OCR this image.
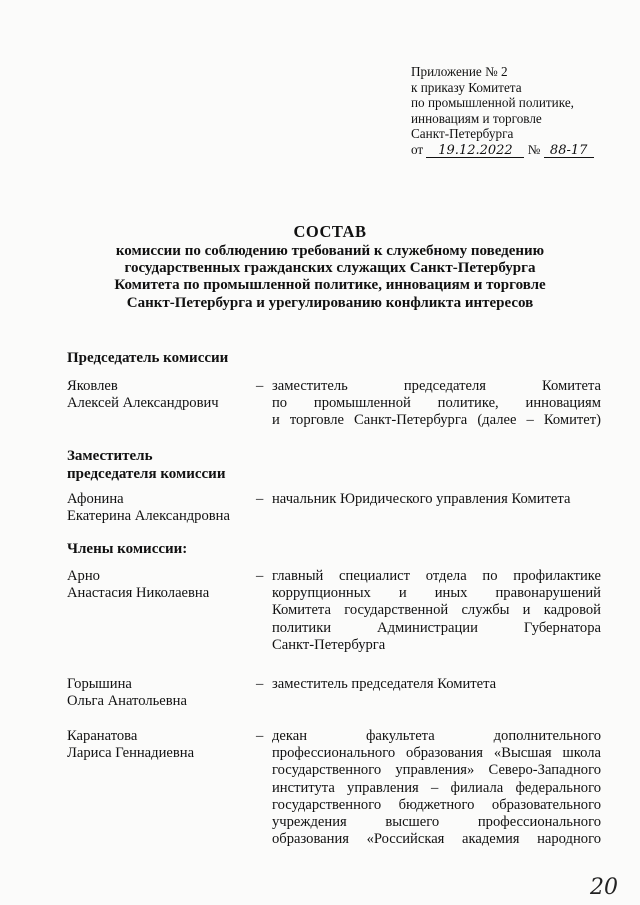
Приложение № 2
к приказу Комитета
по промышленной политике,
инновациям и торговле
Санкт-Петербурга
от 19.12.2022 № 88-17
СОСТАВ
комиссии по соблюдению требований к служебному поведению
государственных гражданских служащих Санкт-Петербурга
Комитета по промышленной политике, инновациям и торговле
Санкт-Петербурга и урегулированию конфликта интересов
Председатель комиссии
Яковлев
Алексей Александрович
– заместитель председателя Комитета
по промышленной политике, инновациям
и торговле Санкт-Петербурга (далее – Комитет)
Заместитель
председателя комиссии
Афонина
Екатерина Александровна
– начальник Юридического управления Комитета
Члены комиссии:
Арно
Анастасия Николаевна
– главный специалист отдела по профилактике
коррупционных и иных правонарушений
Комитета государственной службы и кадровой
политики Администрации Губернатора
Санкт-Петербурга
Горышина
Ольга Анатольевна
– заместитель председателя Комитета
Каранатова
Лариса Геннадиевна
– декан факультета дополнительного
профессионального образования «Высшая школа
государственного управления» Северо-Западного
института управления – филиала федерального
государственного бюджетного образовательного
учреждения высшего профессионального
образования «Российская академия народного
20
